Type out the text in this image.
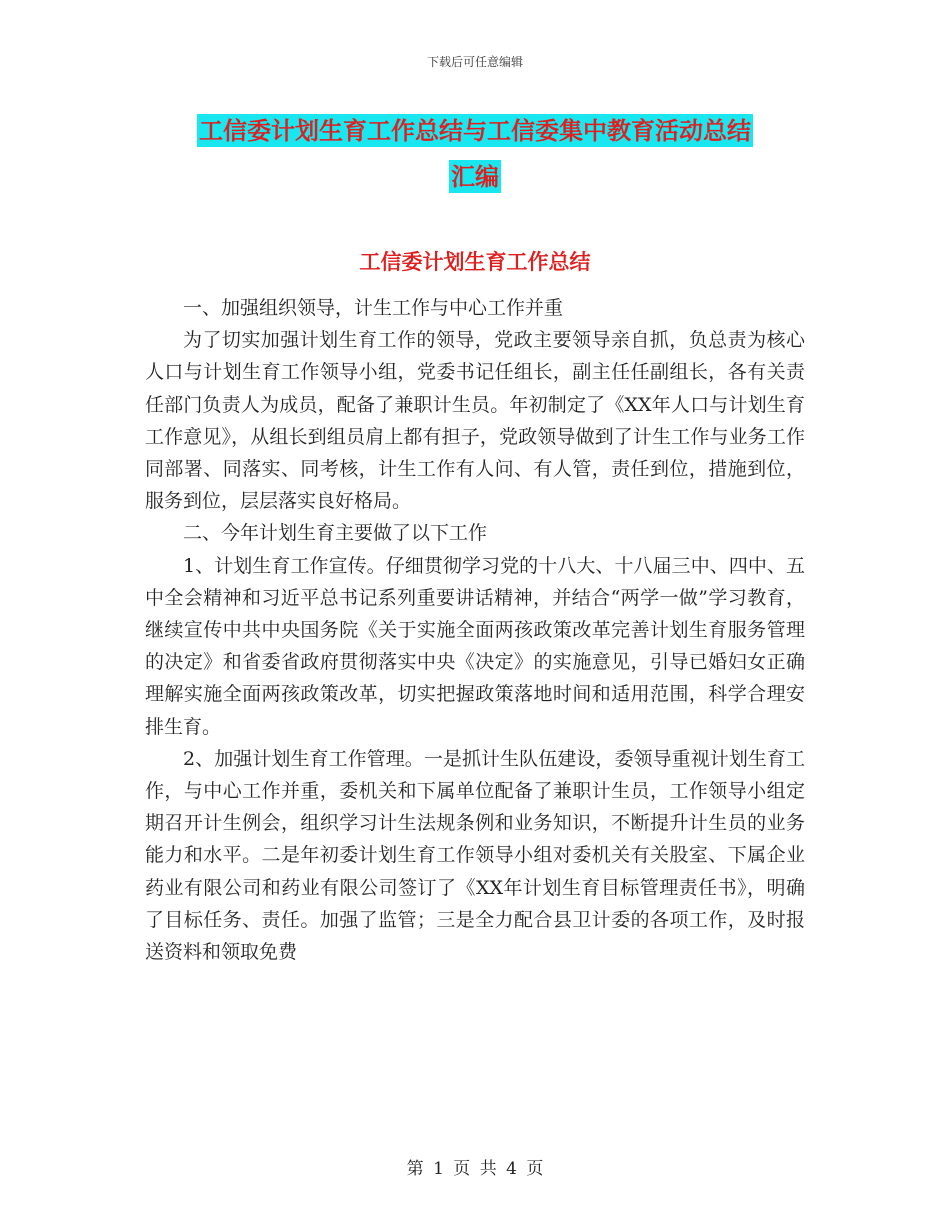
下载后可任意编辑
工信委计划生育工作总结与工信委集中教育活动总结
汇编
工信委计划生育工作总结

一、加强组织领导，计生工作与中心工作并重

为了切实加强计划生育工作的领导，党政主要领导亲自抓，负总责为核心人口与计划生育工作领导小组，党委书记任组长，副主任任副组长，各有关责任部门负责人为成员，配备了兼职计生员。年初制定了《XX年人口与计划生育工作意见》，从组长到组员肩上都有担子，党政领导做到了计生工作与业务工作同部署、同落实、同考核，计生工作有人问、有人管，责任到位，措施到位，服务到位，层层落实良好格局。

二、今年计划生育主要做了以下工作

1、计划生育工作宣传。仔细贯彻学习党的十八大、十八届三中、四中、五中全会精神和习近平总书记系列重要讲话精神，并结合“两学一做”学习教育，继续宣传中共中央国务院《关于实施全面两孩政策改革完善计划生育服务管理的决定》和省委省政府贯彻落实中央《决定》的实施意见，引导已婚妇女正确理解实施全面两孩政策改革，切实把握政策落地时间和适用范围，科学合理安排生育。

2、加强计划生育工作管理。一是抓计生队伍建设，委领导重视计划生育工作，与中心工作并重，委机关和下属单位配备了兼职计生员，工作领导小组定期召开计生例会，组织学习计生法规条例和业务知识，不断提升计生员的业务能力和水平。二是年初委计划生育工作领导小组对委机关有关股室、下属企业药业有限公司和药业有限公司签订了《XX年计划生育目标管理责任书》，明确了目标任务、责任。加强了监管；三是全力配合县卫计委的各项工作，及时报送资料和领取免费

第 1 页 共 4 页
